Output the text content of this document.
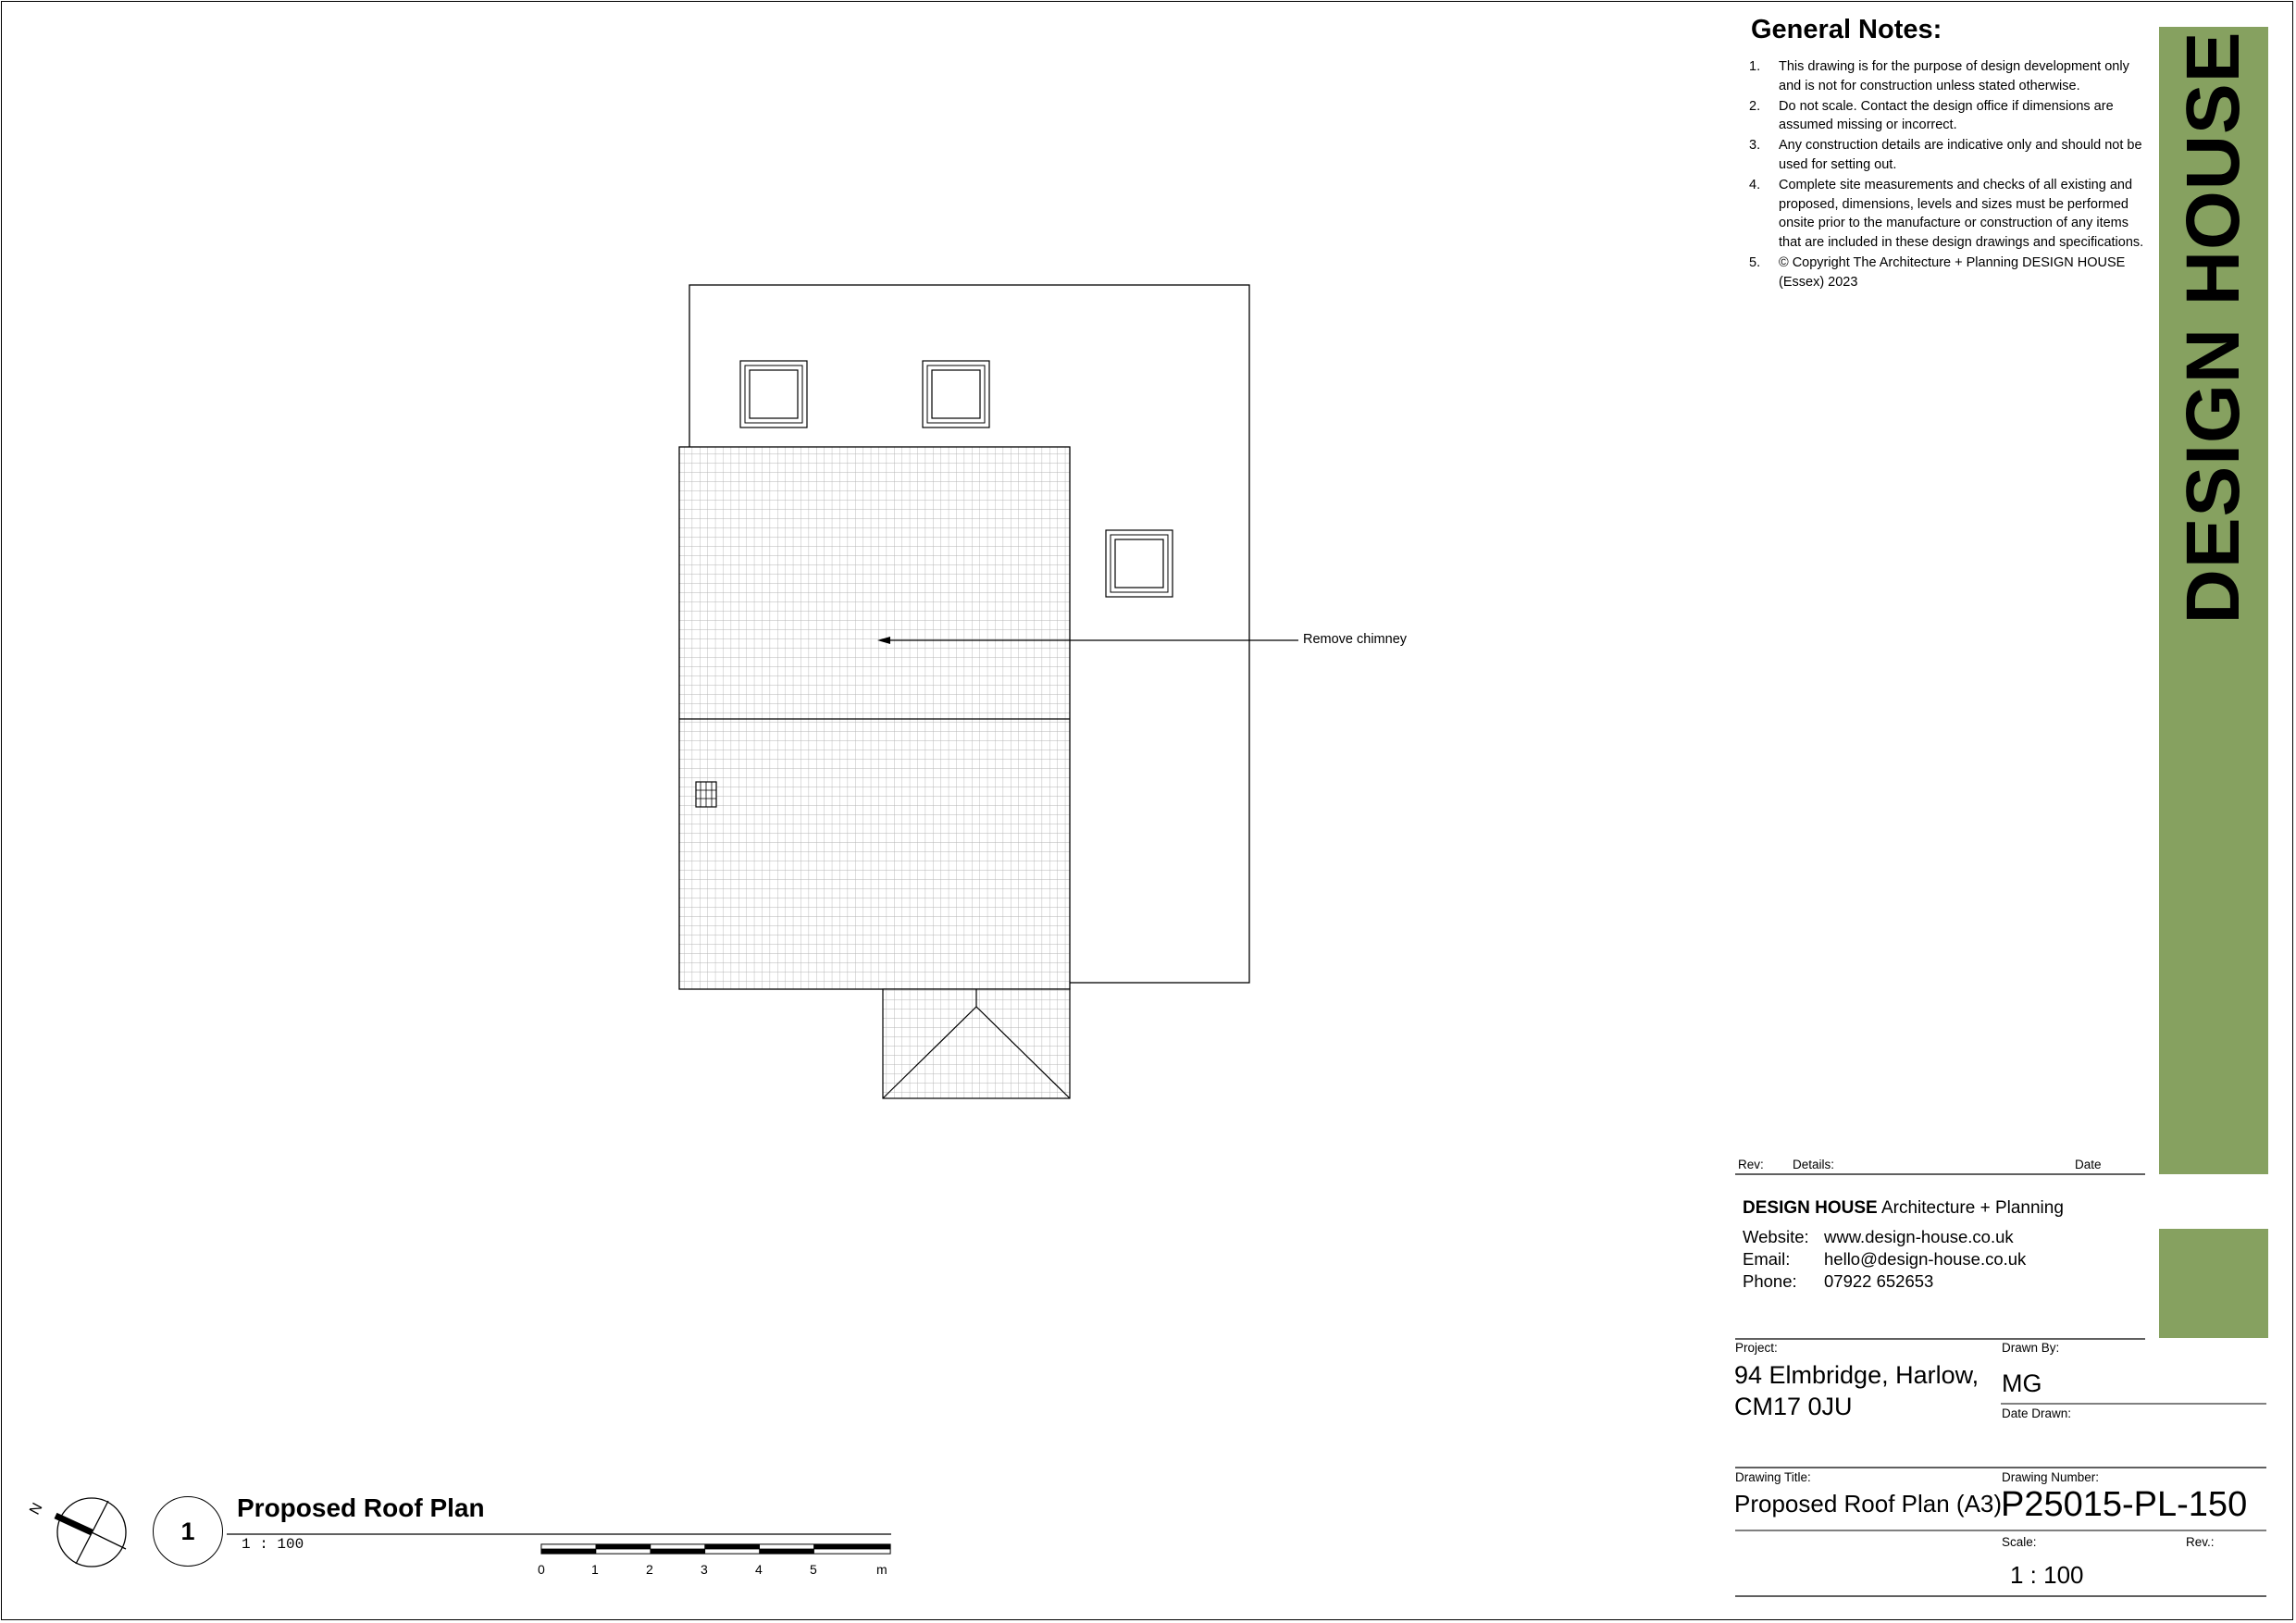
General Notes:
1. This drawing is for the purpose of design development only and is not for construction unless stated otherwise.
2. Do not scale. Contact the design office if dimensions are assumed missing or incorrect.
3. Any construction details are indicative only and should not be used for setting out.
4. Complete site measurements and checks of all existing and proposed, dimensions, levels and sizes must be performed onsite prior to the manufacture or construction of any items that are included in these design drawings and specifications.
5. © Copyright The Architecture + Planning DESIGN HOUSE (Essex) 2023	DESIGN HOUSE
Rev: Details:	Date
DESIGN HOUSE Architecture + Planning
Website: www.design-house.co.uk
Email: hello@design-house.co.uk
Phone: 07922 652653
Project:
94 Elmbridge, Harlow,
CM17 0JU
Drawn By:
MG
Date Drawn:
Drawing Title:
Proposed Roof Plan (A3)
Drawing Number:
P25015-PL-150
Scale:	Rev.:
1 : 100
Remove chimney
1
Proposed Roof Plan
1 : 100
N
0	1	2	3	4	5	m
